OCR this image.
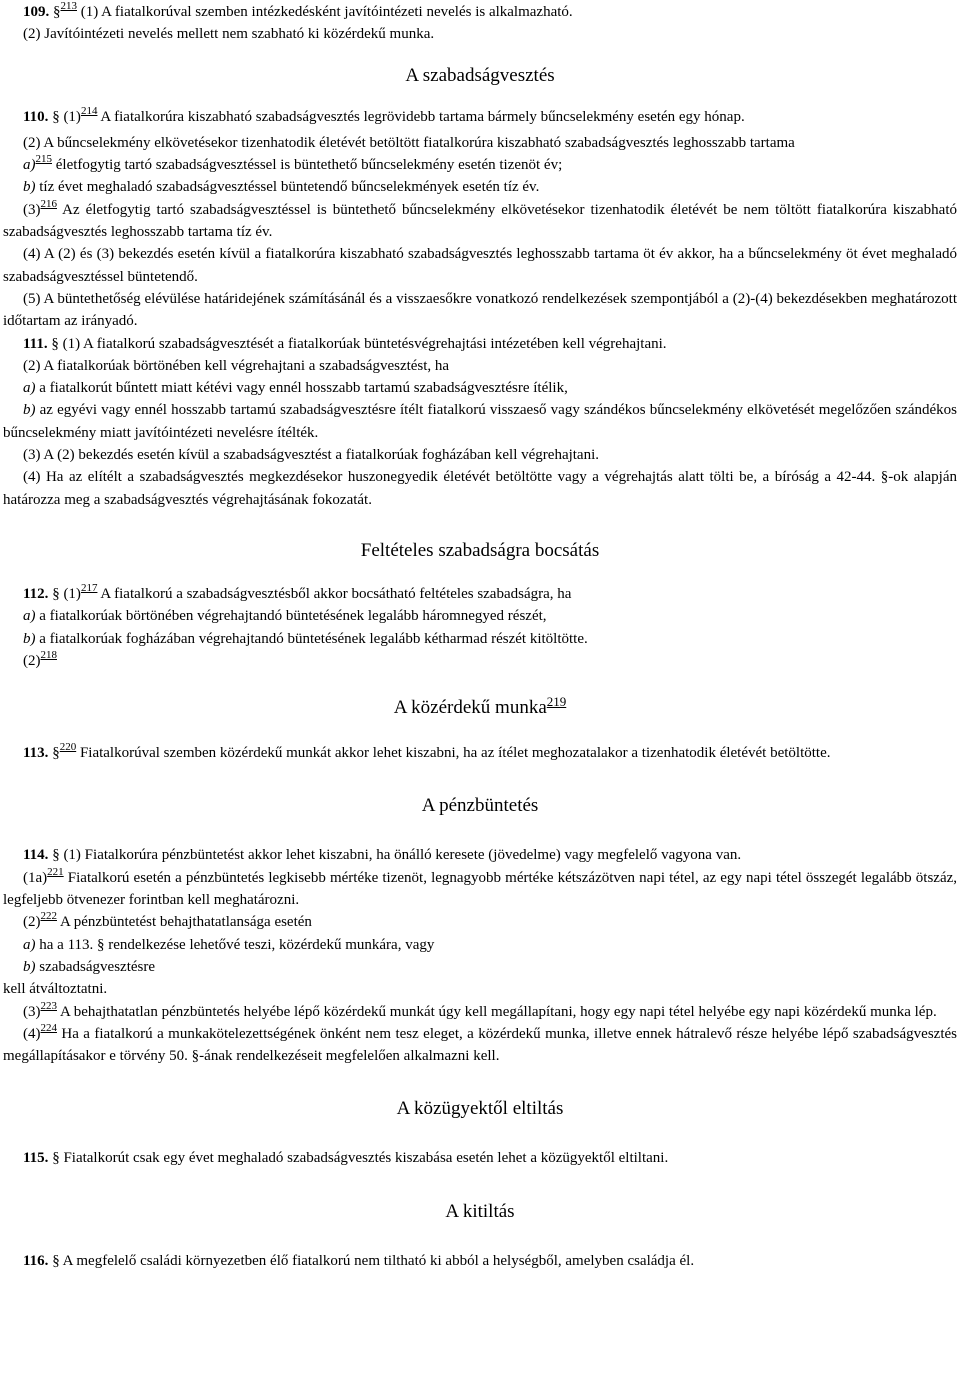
109. §$^{213}$ (1) A fiatalkorúval szemben intézkedésként javítóintézeti nevelés is alkalmazható.

(2) Javítóintézeti nevelés mellett nem szabható ki közérdekű munka.

A szabadságvesztés

110. § $(1)^{214}$ A fiatalkorúra kiszabható szabadságvesztés legrövidebb tartama bármely bűncselekmény esetén egy hónap.

(2) A bűncselekmény elkövetésekor tizenhatodik életévét betöltött fiatalkorúra kiszabható szabadságvesztés leghosszabb tartama

a)$^{215}$ életfogytig tartó szabadságvesztéssel is büntethető bűncselekmény esetén tizenöt év;

b) tíz évet meghaladó szabadságvesztéssel büntetendő bűncselekmények esetén tíz év.

$(3)^{216}$ Az életfogytig tartó szabadságvesztéssel is büntethető bűncselekmény elkövetésekor tizenhatodik életévét be nem töltött fiatalkorúra kiszabható szabadságvesztés leghosszabb tartama tíz év.

(4) A (2) és (3) bekezdés esetén kívül a fiatalkorúra kiszabható szabadságvesztés leghosszabb tartama öt év akkor, ha a bűncselekmény öt évet meghaladó szabadságvesztéssel büntetendő.

(5) A büntethetőség elévülése határidejének számításánál és a visszaesőkre vonatkozó rendelkezések szempontjából a (2)-(4) bekezdésekben meghatározott időtartam az irányadó.

111. § (1) A fiatalkorú szabadságvesztését a fiatalkorúak büntetésvégrehajtási intézetében kell végrehajtani.

(2) A fiatalkorúak börtönében kell végrehajtani a szabadságvesztést, ha

a) a fiatalkorút bűntett miatt kétévi vagy ennél hosszabb tartamú szabadságvesztésre ítélik,

b) az egyévi vagy ennél hosszabb tartamú szabadságvesztésre ítélt fiatalkorú visszaeső vagy szándékos bűncselekmény elkövetését megelőzően szándékos bűncselekmény miatt javítóintézeti nevelésre ítélték.

(3) A (2) bekezdés esetén kívül a szabadságvesztést a fiatalkorúak fogházában kell végrehajtani.

(4) Ha az elítélt a szabadságvesztés megkezdésekor huszonegyedik életévét betöltötte vagy a végrehajtás alatt tölti be, a bíróság a 42-44. §-ok alapján határozza meg a szabadságvesztés végrehajtásának fokozatát.

Feltételes szabadságra bocsátás

112. § $(1)^{217}$ A fiatalkorú a szabadságvesztésből akkor bocsátható feltételes szabadságra, ha

a) a fiatalkorúak börtönében végrehajtandó büntetésének legalább háromnegyed részét,

b) a fiatalkorúak fogházában végrehajtandó büntetésének legalább kétharmad részét kitöltötte.

$(2)^{218}$

A közérdekű munka$^{219}$

113. §$^{220}$ Fiatalkorúval szemben közérdekű munkát akkor lehet kiszabni, ha az ítélet meghozatalakor a tizenhatodik életévét betöltötte.

A pénzbüntetés

114. § (1) Fiatalkorúra pénzbüntetést akkor lehet kiszabni, ha önálló keresete (jövedelme) vagy megfelelő vagyona van.

$(1a)^{221}$ Fiatalkorú esetén a pénzbüntetés legkisebb mértéke tizenöt, legnagyobb mértéke kétszázötven napi tétel, az egy napi tétel összegét legalább ötszáz, legfeljebb ötvenezer forintban kell meghatározni.

$(2)^{222}$ A pénzbüntetést behajthatatlansága esetén

a) ha a 113. § rendelkezése lehetővé teszi, közérdekű munkára, vagy

b) szabadságvesztésre

kell átváltoztatni.

$(3)^{223}$ A behajthatatlan pénzbüntetés helyébe lépő közérdekű munkát úgy kell megállapítani, hogy egy napi tétel helyébe egy napi közérdekű munka lép.

$(4)^{224}$ Ha a fiatalkorú a munkakötelezettségének önként nem tesz eleget, a közérdekű munka, illetve ennek hátralevő része helyébe lépő szabadságvesztés megállapításakor e törvény 50. §-ának rendelkezéseit megfelelően alkalmazni kell.

A közügyektől eltiltás

115. § Fiatalkorút csak egy évet meghaladó szabadságvesztés kiszabása esetén lehet a közügyektől eltiltani.

A kitiltás

116. § A megfelelő családi környezetben élő fiatalkorú nem tiltható ki abból a helységből, amelyben családja él.
